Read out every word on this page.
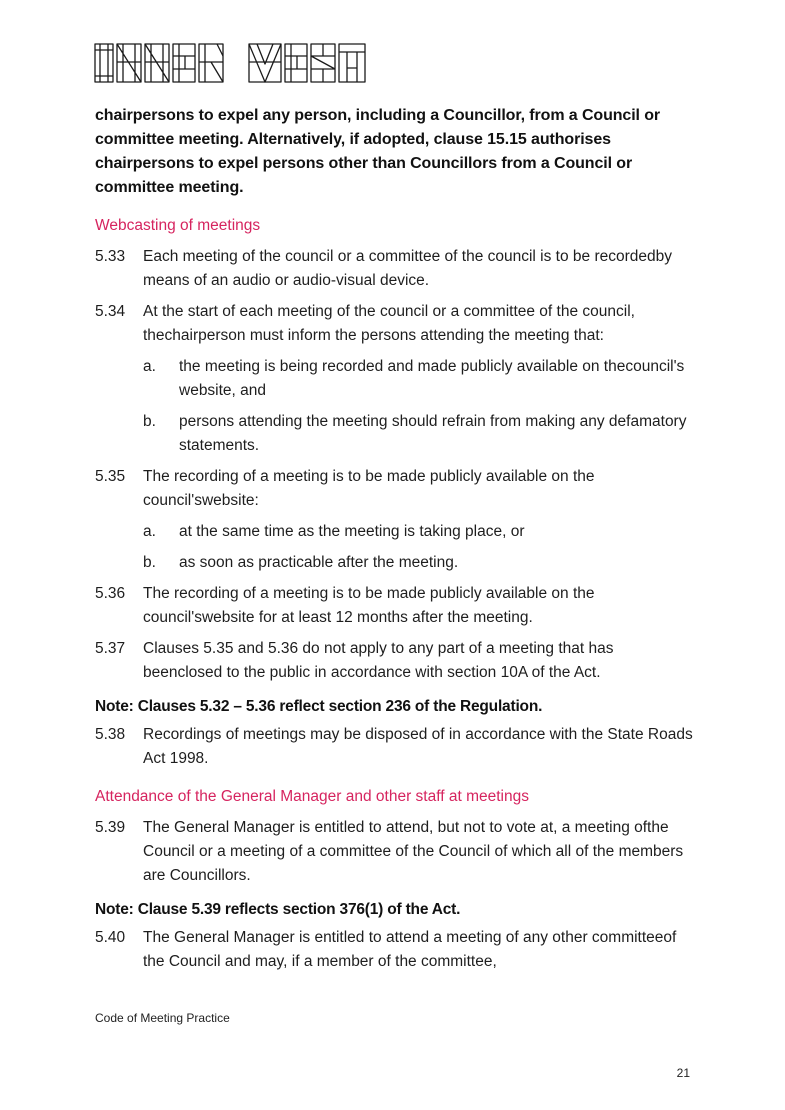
chairpersons to expel any person, including a Councillor, from a Council or committee meeting. Alternatively, if adopted, clause 15.15 authorises chairpersons to expel persons other than Councillors from a Council or committee meeting.

Webcasting of meetings
5.33 Each meeting of the council or a committee of the council is to be recordedby means of an audio or audio-visual device.
5.34 At the start of each meeting of the council or a committee of the council, thechairperson must inform the persons attending the meeting that:
a. the meeting is being recorded and made publicly available on thecouncil's website, and
b. persons attending the meeting should refrain from making any defamatory statements.
5.35 The recording of a meeting is to be made publicly available on the council'swebsite:
a. at the same time as the meeting is taking place, or
b. as soon as practicable after the meeting.
5.36 The recording of a meeting is to be made publicly available on the council'swebsite for at least 12 months after the meeting.
5.37 Clauses 5.35 and 5.36 do not apply to any part of a meeting that has beenclosed to the public in accordance with section 10A of the Act.
Note: Clauses 5.32 – 5.36 reflect section 236 of the Regulation.
5.38 Recordings of meetings may be disposed of in accordance with the State Roads Act 1998.
Attendance of the General Manager and other staff at meetings
5.39 The General Manager is entitled to attend, but not to vote at, a meeting ofthe Council or a meeting of a committee of the Council of which all of the members are Councillors.
Note: Clause 5.39 reflects section 376(1) of the Act.
5.40 The General Manager is entitled to attend a meeting of any other committeeof the Council and may, if a member of the committee,
Code of Meeting Practice
21
